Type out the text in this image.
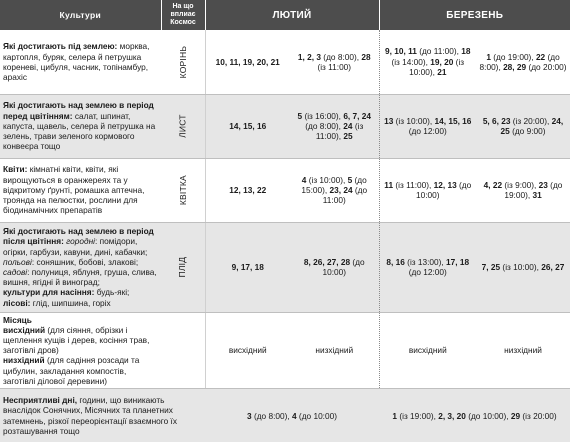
Культури	На що
вплиає
Космос	ЛЮТИЙ		БЕРЕЗЕНЬ	
Які достигають під землею: морква, картопля, буряк, селера й петрушка кореневі, цибуля, часник, топінамбур, арахіс	КОРІНЬ	10, 11, 19, 20, 21	1, 2, 3 (до 8:00), 28 (із 11:00)	9, 10, 11 (до 11:00), 18 (із 14:00), 19, 20 (із 10:00), 21	1 (до 19:00), 22 (до 8:00), 28, 29 (до 20:00)
Які достигають над землею в період перед цвітінням: салат, шпинат, капуста, щавель, селера й петрушка на зелень, трави зеленого кормового конвеєра тощо	ЛИСТ	14, 15, 16	5 (із 16:00), 6, 7, 24 (до 8:00), 24 (із 11:00), 25	13 (із 10:00), 14, 15, 16 (до 12:00)	5, 6, 23 (із 20:00), 24, 25 (до 9:00)
Квіти: кімнатні квіти, квіти, які вирощуються в оранжереях та у відкритому ґрунті, ромашка аптечна, троянда на пелюстки, рослини для біодинамічних препаратів	КВІТКА	12, 13, 22	4 (із 10:00), 5 (до 15:00), 23, 24 (до 11:00)	11 (із 11:00), 12, 13 (до 10:00)	4, 22 (із 9:00), 23 (до 19:00), 31
Які достигають над землею в період після цвітіння: городні: помідори, огірки, гарбузи, кавуни, дині, кабачки; польові: соняшник, бобові, злакові; садові: полуниця, яблуня, груша, слива, вишня, ягідні й виноград;
культури для насіння: будь-які;
лісові: глід, шипшина, горіх	ПЛІД	9, 17, 18	8, 26, 27, 28 (до 10:00)	8, 16 (із 13:00), 17, 18 (до 12:00)	7, 25 (із 10:00), 26, 27
Місяць
висхідний (для сіяння, обрізки і щеплення кущів і дерев, косіння трав, заготівлі дров)
низхідний (для садіння розсади та цибулин, закладання компостів, заготівлі ділової деревини)		висхідний	низхідний	висхідний	низхідний
Несприятливі дні, години, що виникають внаслідок Сонячних, Місячних та планетних затемнень, різкої переорієнтації взаємного їх розташування тощо		3 (до 8:00), 4 (до 10:00)		1 (із 19:00), 2, 3, 20 (до 10:00), 29 (із 20:00)	
